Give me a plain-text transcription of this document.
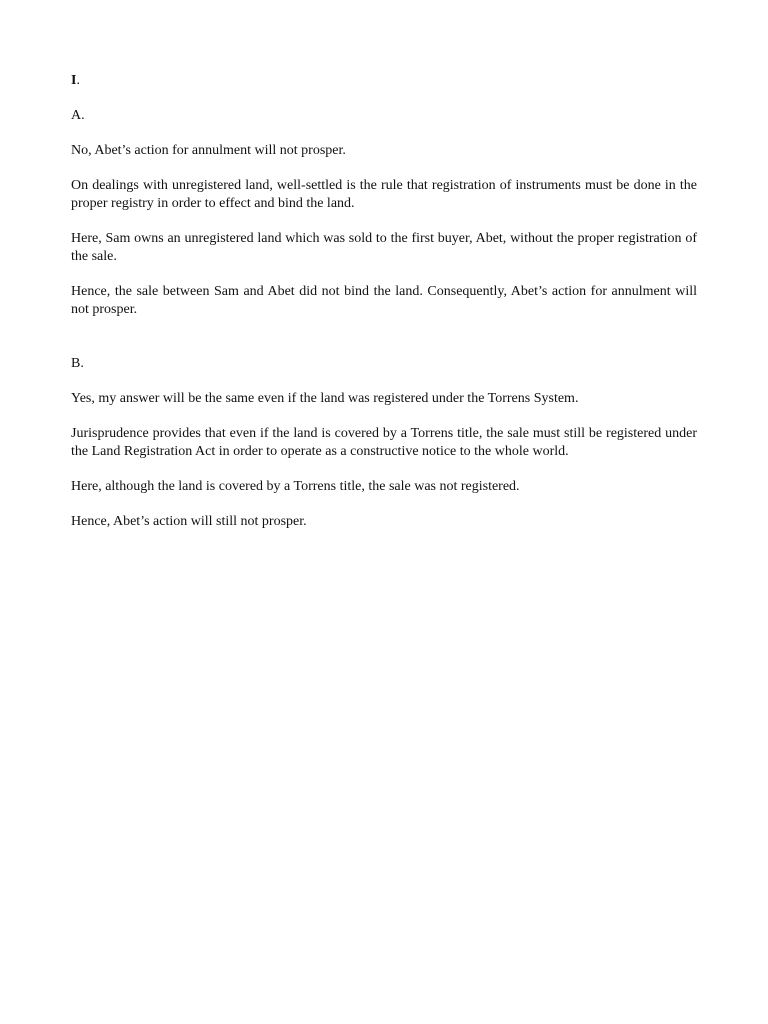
I.
A.

No, Abet’s action for annulment will not prosper.

On dealings with unregistered land, well-settled is the rule that registration of instruments must be done in the proper registry in order to effect and bind the land.

Here, Sam owns an unregistered land which was sold to the first buyer, Abet, without the proper registration of the sale.

Hence, the sale between Sam and Abet did not bind the land. Consequently, Abet’s action for annulment will not prosper.

B.

Yes, my answer will be the same even if the land was registered under the Torrens System.

Jurisprudence provides that even if the land is covered by a Torrens title, the sale must still be registered under the Land Registration Act in order to operate as a constructive notice to the whole world.

Here, although the land is covered by a Torrens title, the sale was not registered.

Hence, Abet’s action will still not prosper.
